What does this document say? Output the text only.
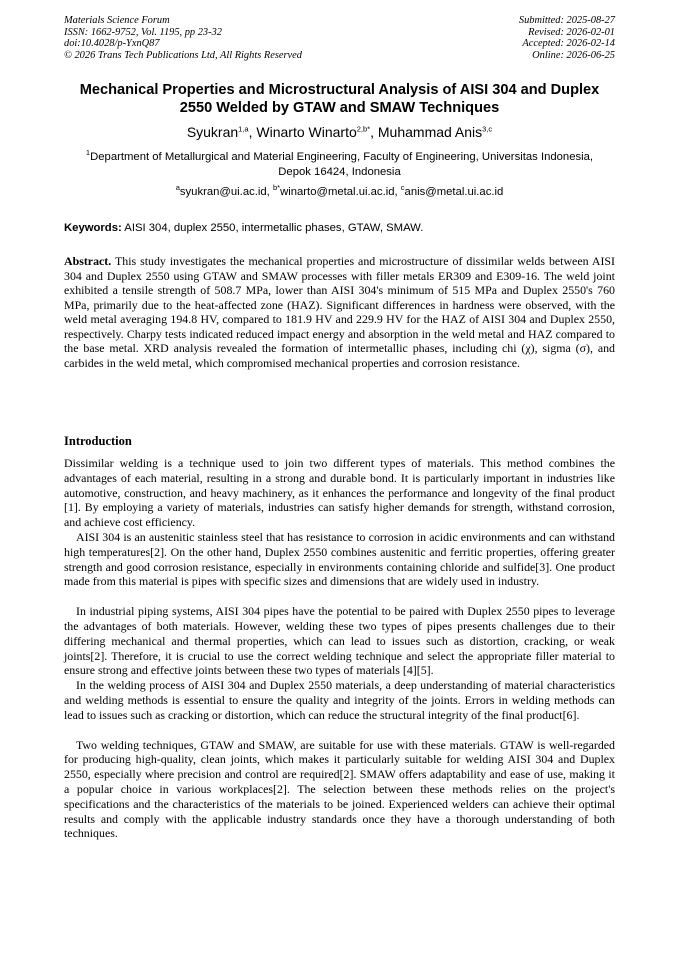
Materials Science Forum
ISSN: 1662-9752, Vol. 1195, pp 23-32
doi:10.4028/p-YxnQ87
© 2026 Trans Tech Publications Ltd, All Rights Reserved
Submitted: 2025-08-27
Revised: 2026-02-01
Accepted: 2026-02-14
Online: 2026-06-25
Mechanical Properties and Microstructural Analysis of AISI 304 and Duplex 2550 Welded by GTAW and SMAW Techniques
Syukran$^{1,a}$, Winarto Winarto$^{2,b*}$, Muhammad Anis$^{3,c}$
$^1$Department of Metallurgical and Material Engineering, Faculty of Engineering, Universitas Indonesia, Depok 16424, Indonesia
$^a$syukran@ui.ac.id, $^{b*}$winarto@metal.ui.ac.id, $^c$anis@metal.ui.ac.id
Keywords: AISI 304, duplex 2550, intermetallic phases, GTAW, SMAW.
Abstract. This study investigates the mechanical properties and microstructure of dissimilar welds between AISI 304 and Duplex 2550 using GTAW and SMAW processes with filler metals ER309 and E309-16. The weld joint exhibited a tensile strength of 508.7 MPa, lower than AISI 304's minimum of 515 MPa and Duplex 2550's 760 MPa, primarily due to the heat-affected zone (HAZ). Significant differences in hardness were observed, with the weld metal averaging 194.8 HV, compared to 181.9 HV and 229.9 HV for the HAZ of AISI 304 and Duplex 2550, respectively. Charpy tests indicated reduced impact energy and absorption in the weld metal and HAZ compared to the base metal. XRD analysis revealed the formation of intermetallic phases, including chi (χ), sigma (σ), and carbides in the weld metal, which compromised mechanical properties and corrosion resistance.
Introduction

Dissimilar welding is a technique used to join two different types of materials. This method combines the advantages of each material, resulting in a strong and durable bond. It is particularly important in industries like automotive, construction, and heavy machinery, as it enhances the performance and longevity of the final product [1]. By employing a variety of materials, industries can satisfy higher demands for strength, withstand corrosion, and achieve cost efficiency.

AISI 304 is an austenitic stainless steel that has resistance to corrosion in acidic environments and can withstand high temperatures[2]. On the other hand, Duplex 2550 combines austenitic and ferritic properties, offering greater strength and good corrosion resistance, especially in environments containing chloride and sulfide[3]. One product made from this material is pipes with specific sizes and dimensions that are widely used in industry.

In industrial piping systems, AISI 304 pipes have the potential to be paired with Duplex 2550 pipes to leverage the advantages of both materials. However, welding these two types of pipes presents challenges due to their differing mechanical and thermal properties, which can lead to issues such as distortion, cracking, or weak joints[2]. Therefore, it is crucial to use the correct welding technique and select the appropriate filler material to ensure strong and effective joints between these two types of materials [4][5].

In the welding process of AISI 304 and Duplex 2550 materials, a deep understanding of material characteristics and welding methods is essential to ensure the quality and integrity of the joints. Errors in welding methods can lead to issues such as cracking or distortion, which can reduce the structural integrity of the final product[6].

Two welding techniques, GTAW and SMAW, are suitable for use with these materials. GTAW is well-regarded for producing high-quality, clean joints, which makes it particularly suitable for welding AISI 304 and Duplex 2550, especially where precision and control are required[2]. SMAW offers adaptability and ease of use, making it a popular choice in various workplaces[2]. The selection between these methods relies on the project's specifications and the characteristics of the materials to be joined. Experienced welders can achieve their optimal results and comply with the applicable industry standards once they have a thorough understanding of both techniques.
